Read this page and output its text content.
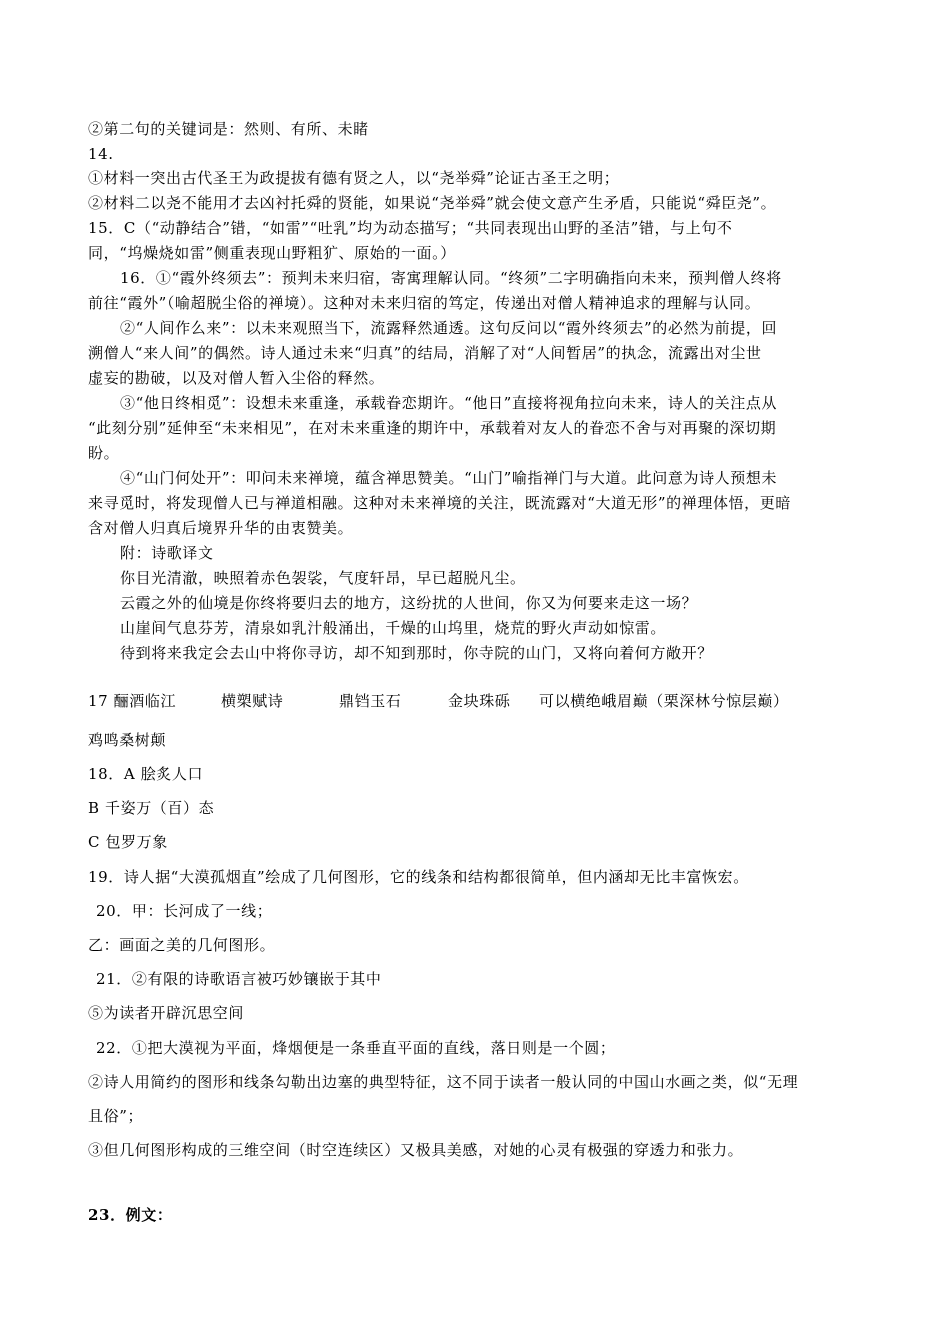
②第二句的关键词是：然则、有所、未睹
14.
①材料一突出古代圣王为政提拔有德有贤之人，以“尧举舜”论证古圣王之明；
②材料二以尧不能用才去凶衬托舜的贤能，如果说“尧举舜”就会使文意产生矛盾，只能说“舜臣尧”。
15．C（“动静结合”错，“如雷”“吐乳”均为动态描写；“共同表现出山野的圣洁”错，与上句不
同，“坞燥烧如雷”侧重表现山野粗犷、原始的一面。）
16．①“霞外终须去”：预判未来归宿，寄寓理解认同。“终须”二字明确指向未来，预判僧人终将
前往“霞外”（喻超脱尘俗的禅境）。这种对未来归宿的笃定，传递出对僧人精神追求的理解与认同。
②“人间作么来”：以未来观照当下，流露释然通透。这句反问以“霞外终须去”的必然为前提，回
溯僧人“来人间”的偶然。诗人通过未来“归真”的结局，消解了对“人间暂居”的执念，流露出对尘世
虚妄的勘破，以及对僧人暂入尘俗的释然。
③“他日终相觅”：设想未来重逢，承载眷恋期许。“他日”直接将视角拉向未来，诗人的关注点从
“此刻分别”延伸至“未来相见”，在对未来重逢的期许中，承载着对友人的眷恋不舍与对再聚的深切期
盼。
④“山门何处开”：叩问未来禅境，蕴含禅思赞美。“山门”喻指禅门与大道。此问意为诗人预想未
来寻觅时，将发现僧人已与禅道相融。这种对未来禅境的关注，既流露对“大道无形”的禅理体悟，更暗
含对僧人归真后境界升华的由衷赞美。
附：诗歌译文
你目光清澈，映照着赤色袈裟，气度轩昂，早已超脱凡尘。
云霞之外的仙境是你终将要归去的地方，这纷扰的人世间，你又为何要来走这一场？
山崖间气息芬芳，清泉如乳汁般涌出，千燥的山坞里，烧荒的野火声动如惊雷。
待到将来我定会去山中将你寻访，却不知到那时，你寺院的山门，又将向着何方敞开？
17 酾酒临江	横槊赋诗	鼎铛玉石	金块珠砾 可以横绝峨眉巅（栗深林兮惊层巅）
鸡鸣桑树颠
18．A 脍炙人口
B 千姿万（百）态
C 包罗万象
19．诗人据“大漠孤烟直”绘成了几何图形，它的线条和结构都很简单，但内涵却无比丰富恢宏。
20．甲：长河成了一线；
乙：画面之美的几何图形。
21．②有限的诗歌语言被巧妙镶嵌于其中
⑤为读者开辟沉思空间
22．①把大漠视为平面，烽烟便是一条垂直平面的直线，落日则是一个圆；
②诗人用简约的图形和线条勾勒出边塞的典型特征，这不同于读者一般认同的中国山水画之类，似“无理
且俗”；
③但几何图形构成的三维空间（时空连续区）又极具美感，对她的心灵有极强的穿透力和张力。
23．例文：
